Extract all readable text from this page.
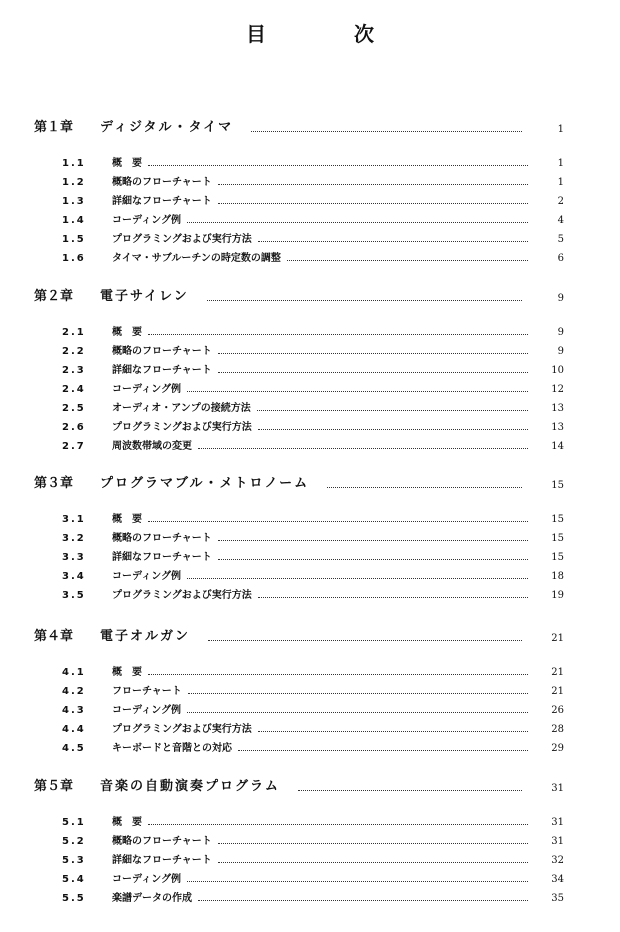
目　次
第１章	ディジタル・タイマ	1
1.1	概　要	1
1.2	概略のフローチャート	1
1.3	詳細なフローチャート	2
1.4	コーディング例	4
1.5	プログラミングおよび実行方法	5
1.6	タイマ・サブルーチンの時定数の調整	6
第２章	電子サイレン	9
2.1	概　要	9
2.2	概略のフローチャート	9
2.3	詳細なフローチャート	10
2.4	コーディング例	12
2.5	オーディオ・アンプの接続方法	13
2.6	プログラミングおよび実行方法	13
2.7	周波数帯域の変更	14
第３章	プログラマブル・メトロノーム	15
3.1	概　要	15
3.2	概略のフローチャート	15
3.3	詳細なフローチャート	15
3.4	コーディング例	18
3.5	プログラミングおよび実行方法	19
第４章	電子オルガン	21
4.1	概　要	21
4.2	フローチャート	21
4.3	コーディング例	26
4.4	プログラミングおよび実行方法	28
4.5	キーボードと音階との対応	29
第５章	音楽の自動演奏プログラム	31
5.1	概　要	31
5.2	概略のフローチャート	31
5.3	詳細なフローチャート	32
5.4	コーディング例	34
5.5	楽譜データの作成	35
